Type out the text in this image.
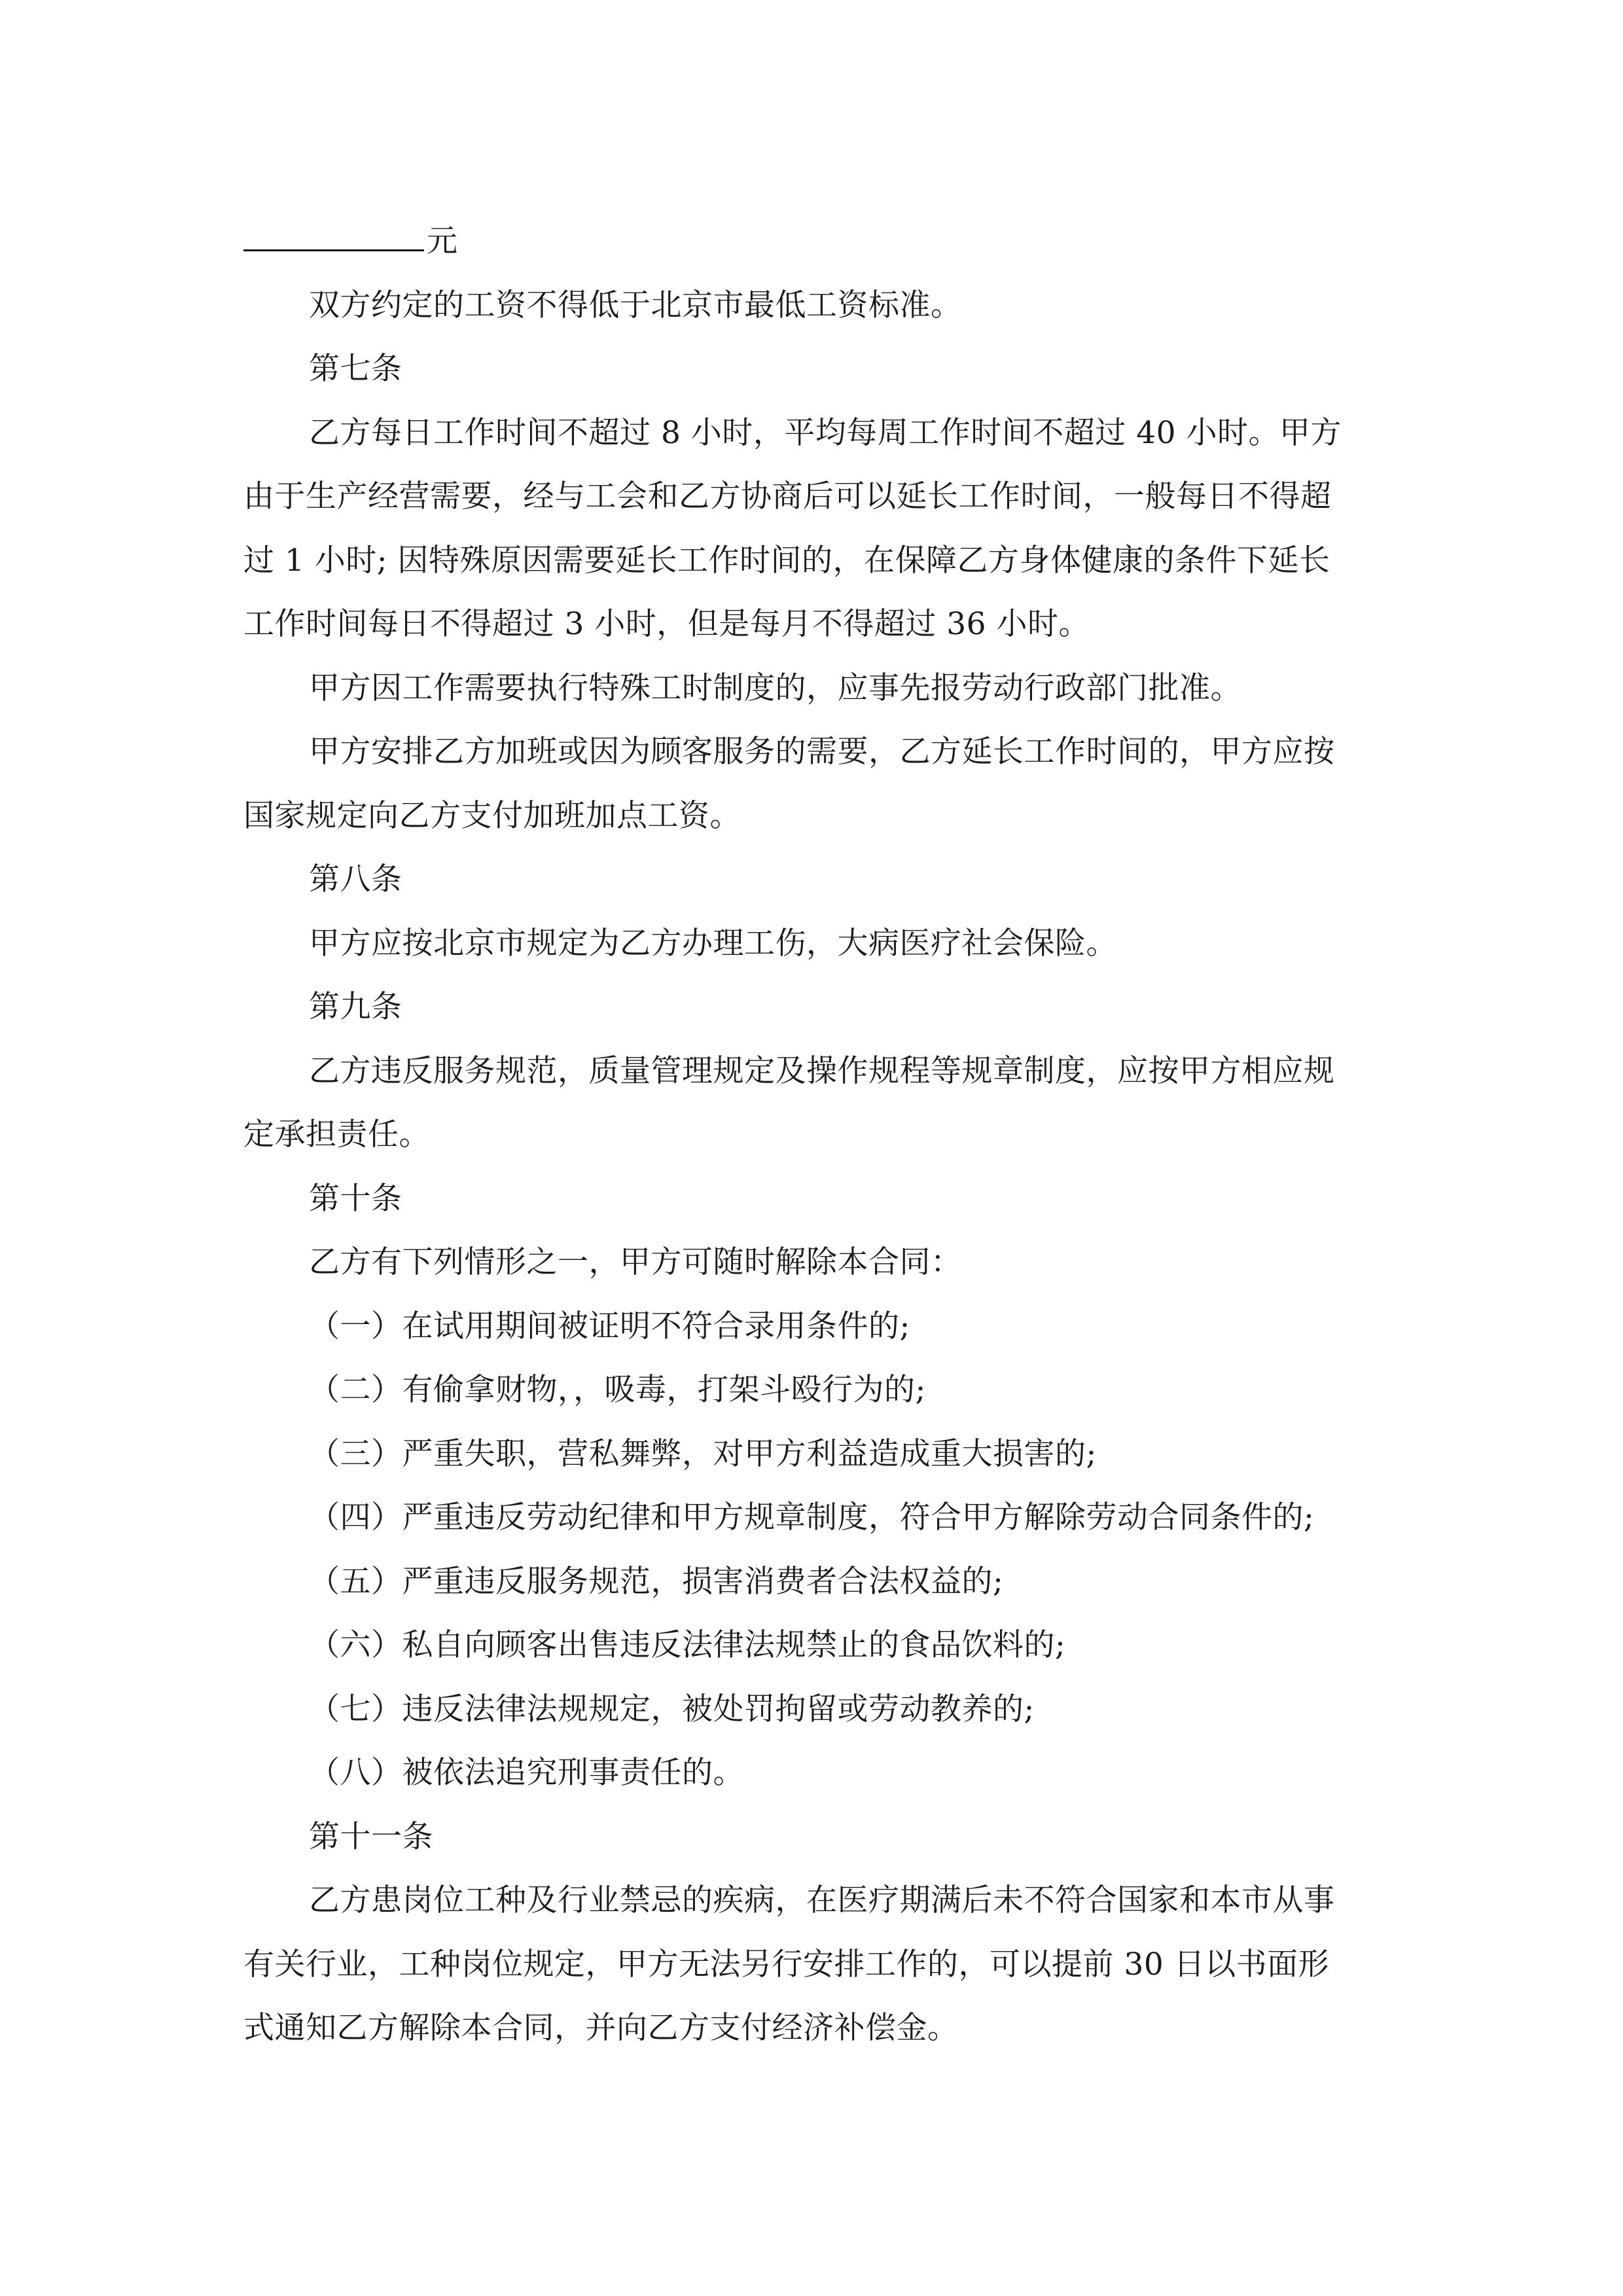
元
双方约定的工资不得低于北京市最低工资标准。
第七条
乙方每日工作时间不超过 8 小时，平均每周工作时间不超过 40 小时。甲方
由于生产经营需要，经与工会和乙方协商后可以延长工作时间，一般每日不得超
过 1 小时; 因特殊原因需要延长工作时间的，在保障乙方身体健康的条件下延长
工作时间每日不得超过 3 小时，但是每月不得超过 36 小时。
甲方因工作需要执行特殊工时制度的，应事先报劳动行政部门批准。
甲方安排乙方加班或因为顾客服务的需要，乙方延长工作时间的，甲方应按
国家规定向乙方支付加班加点工资。
第八条
甲方应按北京市规定为乙方办理工伤，大病医疗社会保险。
第九条
乙方违反服务规范，质量管理规定及操作规程等规章制度，应按甲方相应规
定承担责任。
第十条
乙方有下列情形之一，甲方可随时解除本合同：
（一）在试用期间被证明不符合录用条件的;
（二）有偷拿财物，，吸毒，打架斗殴行为的;
（三）严重失职，营私舞弊，对甲方利益造成重大损害的;
（四）严重违反劳动纪律和甲方规章制度，符合甲方解除劳动合同条件的;
（五）严重违反服务规范，损害消费者合法权益的;
（六）私自向顾客出售违反法律法规禁止的食品饮料的;
（七）违反法律法规规定，被处罚拘留或劳动教养的;
（八）被依法追究刑事责任的。
第十一条
乙方患岗位工种及行业禁忌的疾病，在医疗期满后未不符合国家和本市从事
有关行业，工种岗位规定，甲方无法另行安排工作的，可以提前 30 日以书面形
式通知乙方解除本合同，并向乙方支付经济补偿金。
